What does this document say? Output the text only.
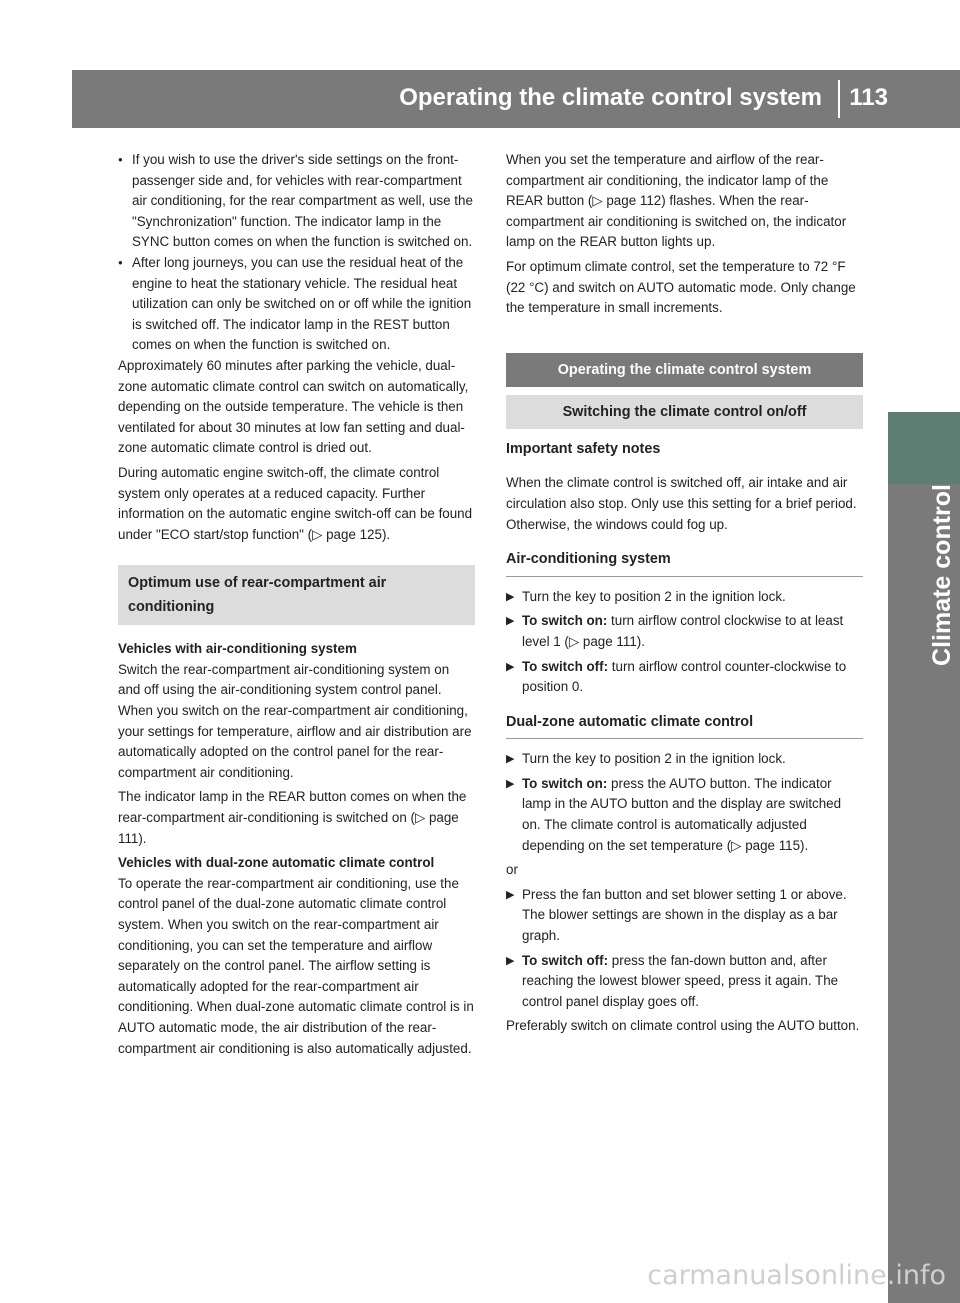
Operating the climate control system 113
Climate control

● If you wish to use the driver's side settings on the front-passenger side and, for vehicles with rear-compartment air conditioning, for the rear compartment as well, use the "Synchronization" function. The indicator lamp in the SYNC button comes on when the function is switched on.

● After long journeys, you can use the residual heat of the engine to heat the stationary vehicle. The residual heat utilization can only be switched on or off while the ignition is switched off. The indicator lamp in the REST button comes on when the function is switched on.

Approximately 60 minutes after parking the vehicle, dual-zone automatic climate control can switch on automatically, depending on the outside temperature. The vehicle is then ventilated for about 30 minutes at low fan setting and dual-zone automatic climate control is dried out.

During automatic engine switch-off, the climate control system only operates at a reduced capacity. Further information on the automatic engine switch-off can be found under "ECO start/stop function" (▷ page 125).

Optimum use of rear-compartment air conditioning

Vehicles with air-conditioning system

Switch the rear-compartment air-conditioning system on and off using the air-conditioning system control panel. When you switch on the rear-compartment air conditioning, your settings for temperature, airflow and air distribution are automatically adopted on the control panel for the rear-compartment air conditioning.

The indicator lamp in the REAR button comes on when the rear-compartment air-conditioning is switched on (▷ page 111).

Vehicles with dual-zone automatic climate control

To operate the rear-compartment air conditioning, use the control panel of the dual-zone automatic climate control system. When you switch on the rear-compartment air conditioning, you can set the temperature and airflow separately on the control panel. The airflow setting is automatically adopted for the rear-compartment air conditioning. When dual-zone automatic climate control is in AUTO automatic mode, the air distribution of the rear-compartment air conditioning is also automatically adjusted.

When you set the temperature and airflow of the rear-compartment air conditioning, the indicator lamp of the REAR button (▷ page 112) flashes. When the rear-compartment air conditioning is switched on, the indicator lamp on the REAR button lights up.

For optimum climate control, set the temperature to 72 °F (22 °C) and switch on AUTO automatic mode. Only change the temperature in small increments.

Operating the climate control system
Switching the climate control on/off

Important safety notes

When the climate control is switched off, air intake and air circulation also stop. Only use this setting for a brief period. Otherwise, the windows could fog up.

Air-conditioning system
▶ Turn the key to position 2 in the ignition lock.
▶ To switch on: turn airflow control clockwise to at least level 1 (▷ page 111).
▶ To switch off: turn airflow control counter-clockwise to position 0.
Dual-zone automatic climate control
▶ Turn the key to position 2 in the ignition lock.
▶ To switch on: press the AUTO button. The indicator lamp in the AUTO button and the display are switched on. The climate control is automatically adjusted depending on the set temperature (▷ page 115).

or

▶ Press the fan button and set blower setting 1 or above. The blower settings are shown in the display as a bar graph.
▶ To switch off: press the fan-down button and, after reaching the lowest blower speed, press it again. The control panel display goes off.

Preferably switch on climate control using the AUTO button.

carmanualsonline.info
